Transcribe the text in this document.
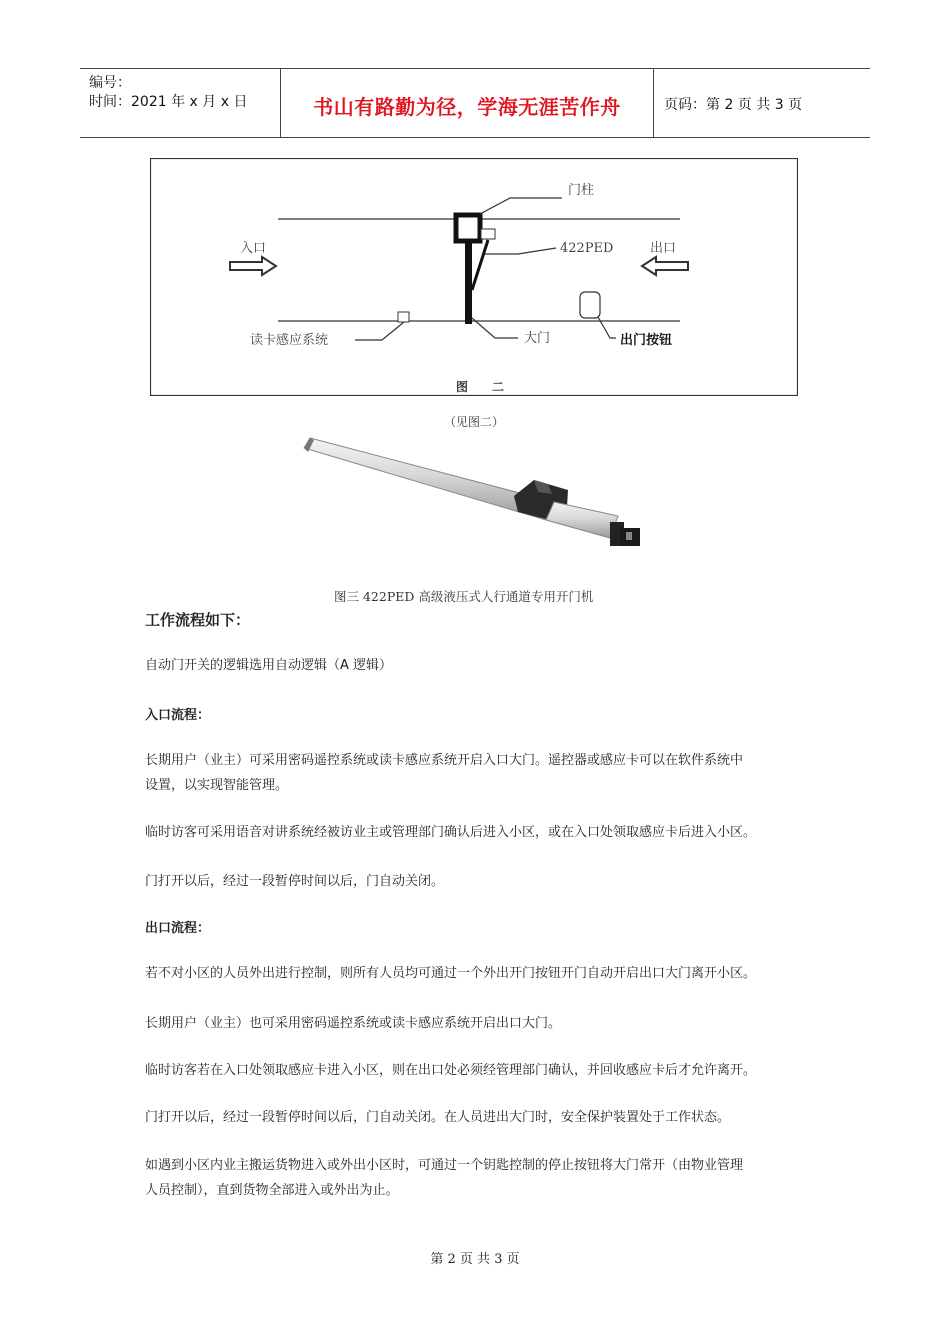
编号：
时间：2021 年 x 月 x 日	书山有路勤为径，学海无涯苦作舟	页码：第 2 页 共 3 页
门柱
入口	出口
422PED
读卡感应系统	大门	出门按钮
图　　二
（见图二）
图三 422PED 高级液压式人行通道专用开门机
工作流程如下：
自动门开关的逻辑选用自动逻辑（A 逻辑）
入口流程：
长期用户（业主）可采用密码遥控系统或读卡感应系统开启入口大门。遥控器或感应卡可以在软件系统中
设置，以实现智能管理。
临时访客可采用语音对讲系统经被访业主或管理部门确认后进入小区，或在入口处领取感应卡后进入小区。
门打开以后，经过一段暂停时间以后，门自动关闭。
出口流程：
若不对小区的人员外出进行控制，则所有人员均可通过一个外出开门按钮开门自动开启出口大门离开小区。
长期用户（业主）也可采用密码遥控系统或读卡感应系统开启出口大门。
临时访客若在入口处领取感应卡进入小区，则在出口处必须经管理部门确认，并回收感应卡后才允许离开。
门打开以后，经过一段暂停时间以后，门自动关闭。在人员进出大门时，安全保护装置处于工作状态。
如遇到小区内业主搬运货物进入或外出小区时，可通过一个钥匙控制的停止按钮将大门常开（由物业管理
人员控制），直到货物全部进入或外出为止。
第 2 页 共 3 页
